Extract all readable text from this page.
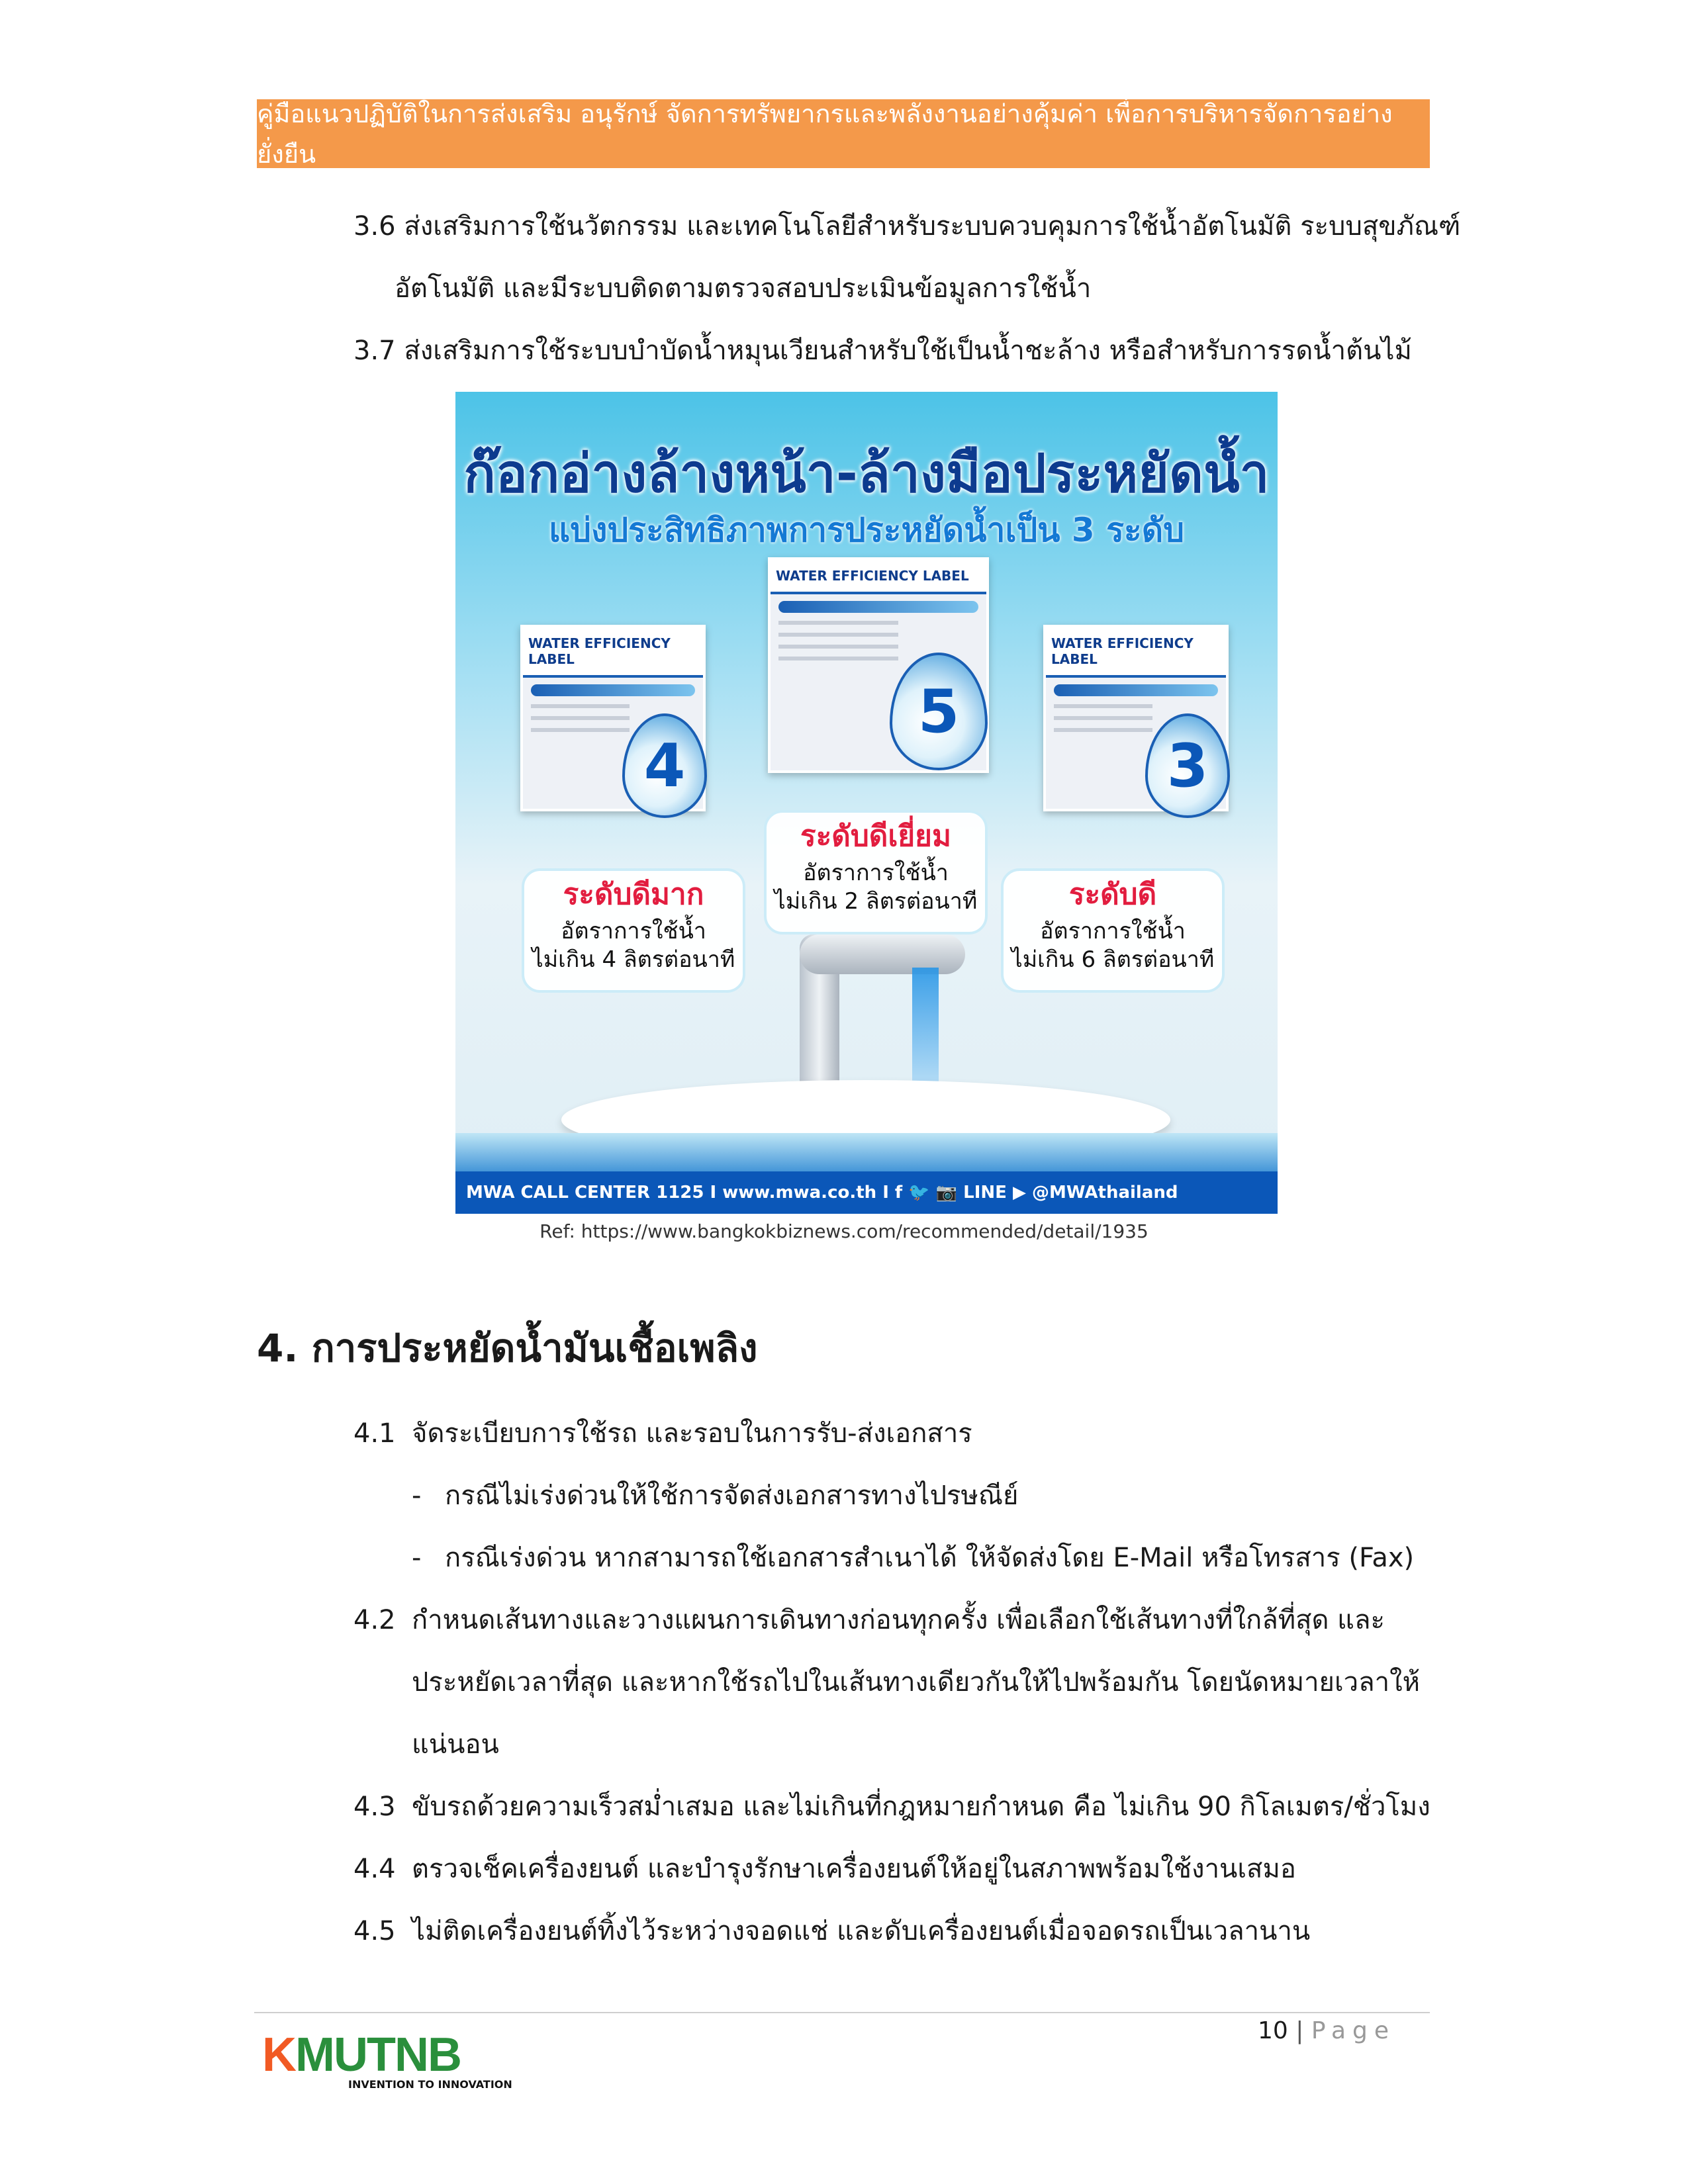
คู่มือแนวปฏิบัติในการส่งเสริม อนุรักษ์ จัดการทรัพยากรและพลังงานอย่างคุ้มค่า เพื่อการบริหารจัดการอย่างยั่งยืน
3.6 ส่งเสริมการใช้นวัตกรรม และเทคโนโลยีสำหรับระบบควบคุมการใช้น้ำอัตโนมัติ ระบบสุขภัณฑ์
อัตโนมัติ และมีระบบติดตามตรวจสอบประเมินข้อมูลการใช้น้ำ
3.7 ส่งเสริมการใช้ระบบบำบัดน้ำหมุนเวียนสำหรับใช้เป็นน้ำชะล้าง หรือสำหรับการรดน้ำต้นไม้
ก๊อกอ่างล้างหน้า-ล้างมือประหยัดน้ำ
แบ่งประสิทธิภาพการประหยัดน้ำเป็น 3 ระดับ
WATER EFFICIENCY LABEL
4
WATER EFFICIENCY LABEL
5
WATER EFFICIENCY LABEL
3
ระดับดีมาก
อัตราการใช้น้ำ
ไม่เกิน 4 ลิตรต่อนาที
ระดับดีเยี่ยม
อัตราการใช้น้ำ
ไม่เกิน 2 ลิตรต่อนาที	ระดับดี
อัตราการใช้น้ำ
ไม่เกิน 6 ลิตรต่อนาที
MWA CALL CENTER 1125 I www.mwa.co.th I f 🐦 📷 LINE ▶ @MWAthailand
Ref: https://www.bangkokbiznews.com/recommended/detail/1935
4. การประหยัดน้ำมันเชื้อเพลิง
4.1 จัดระเบียบการใช้รถ และรอบในการรับ-ส่งเอกสาร
- กรณีไม่เร่งด่วนให้ใช้การจัดส่งเอกสารทางไปรษณีย์
- กรณีเร่งด่วน หากสามารถใช้เอกสารสำเนาได้ ให้จัดส่งโดย E-Mail หรือโทรสาร (Fax)
4.2 กำหนดเส้นทางและวางแผนการเดินทางก่อนทุกครั้ง เพื่อเลือกใช้เส้นทางที่ใกล้ที่สุด และ
ประหยัดเวลาที่สุด และหากใช้รถไปในเส้นทางเดียวกันให้ไปพร้อมกัน โดยนัดหมายเวลาให้
แน่นอน
4.3 ขับรถด้วยความเร็วสม่ำเสมอ และไม่เกินที่กฎหมายกำหนด คือ ไม่เกิน 90 กิโลเมตร/ชั่วโมง
4.4 ตรวจเช็คเครื่องยนต์ และบำรุงรักษาเครื่องยนต์ให้อยู่ในสภาพพร้อมใช้งานเสมอ
4.5 ไม่ติดเครื่องยนต์ทิ้งไว้ระหว่างจอดแช่ และดับเครื่องยนต์เมื่อจอดรถเป็นเวลานาน
10 | Page
KMUTNB
INVENTION TO INNOVATION
